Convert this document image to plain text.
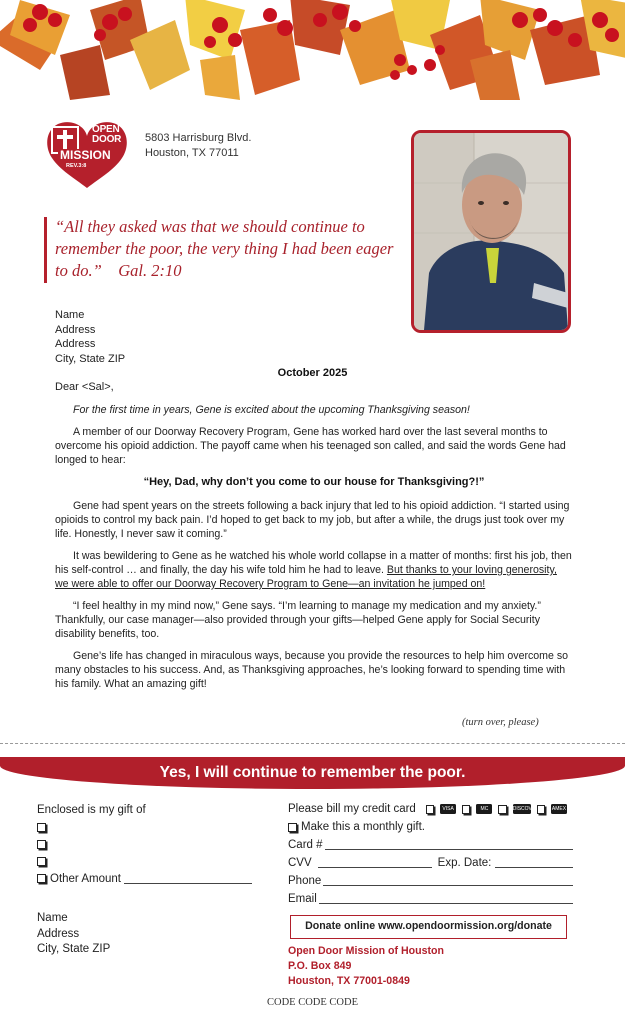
OPEN
DOOR
MISSION
REV.3:8
5803 Harrisburg Blvd.
Houston, TX 77011
“All they asked was that we should continue to remember the poor, the very thing I had been eager to do.” Gal. 2:10
Name
Address
Address
City, State ZIP
October 2025
Dear <Sal>,

For the first time in years, Gene is excited about the upcoming Thanksgiving season!

A member of our Doorway Recovery Program, Gene has worked hard over the last several months to overcome his opioid addiction. The payoff came when his teenaged son called, and said the words Gene had longed to hear:

“Hey, Dad, why don’t you come to our house for Thanksgiving?!”

Gene had spent years on the streets following a back injury that led to his opioid addiction. “I started using opioids to control my back pain. I’d hoped to get back to my job, but after a while, the drugs just took over my life. Honestly, I never saw it coming.”

It was bewildering to Gene as he watched his whole world collapse in a matter of months: first his job, then his self-control … and finally, the day his wife told him he had to leave. But thanks to your loving generosity, we were able to offer our Doorway Recovery Program to Gene—an invitation he jumped on!

“I feel healthy in my mind now,” Gene says. “I’m learning to manage my medication and my anxiety.” Thankfully, our case manager—also provided through your gifts—helped Gene apply for Social Security disability benefits, too.

Gene’s life has changed in miraculous ways, because you provide the resources to help him overcome so many obstacles to his success. And, as Thanksgiving approaches, he’s looking forward to spending time with his family. What an amazing gift!

(turn over, please)
Yes, I will continue to remember the poor.
Enclosed is my gift of
Other Amount
Name
Address
City, State ZIP
Please bill my credit card	VISA	MC	DISCOVER	AMEX
Make this a monthly gift.
Card #
CVV	Exp. Date:
Phone
Email
Donate online www.opendoormission.org/donate
Open Door Mission of Houston
P.O. Box 849
Houston, TX 77001-0849
CODE CODE CODE
